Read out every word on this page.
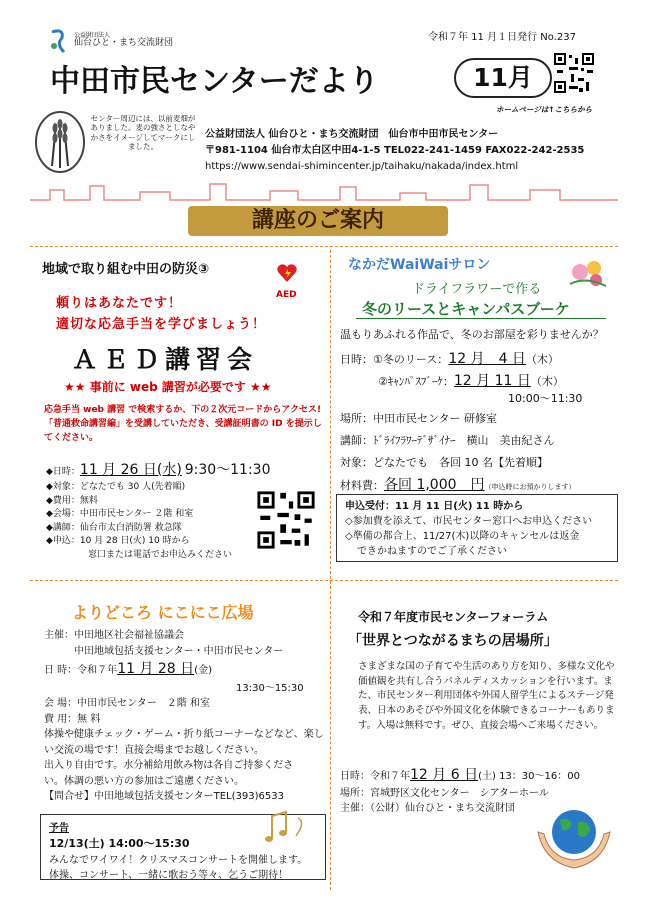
公益財団法人
仙台ひと・まち交流財団
令和７年 11 月１日発行 No.237
中田市民センターだより	11月
ホームページは↑こちらから
センター周辺には、以前麦畑がありました。麦の強さとしなやかさをイメージしてマークにしました。
公益財団法人 仙台ひと・まち交流財団　仙台市中田市民センター
〒981-1104 仙台市太白区中田4-1-5 TEL022-241-1459 FAX022-242-2535
https://www.sendai-shimincenter.jp/taihaku/nakada/index.html
講座のご案内
地域で取り組む中田の防災③
AED
頼りはあなたです！
適切な応急手当を学びましょう！
ＡＥＤ講習会
★★ 事前に web 講習が必要です ★★
応急手当 web 講習 で検索するか、下の２次元コードからアクセス!「普通救命講習編」を受講していただき、受講証明書の ID を提示してください。
◆日時：11 月 26 日(水) 9:30～11:30
◆対象：どなたでも 30 人(先着順)
◆費用：無料
◆会場：中田市民センター ２階 和室
◆講師：仙台市太白消防署 救急隊
◆申込：10 月 28 日(火) 10 時から
窓口または電話でお申込みください
なかだWaiWaiサロン
ドライフラワーで作る
冬のリースとキャンパスブーケ
温もりあふれる作品で、冬のお部屋を彩りませんか？
日時：①冬のリース：12 月　4 日（木）
②ｷｬﾝﾊﾟｽﾌﾞｰｹ：12 月 11 日（木）
10:00～11:30
場所：中田市民センター 研修室
講師：ﾄﾞﾗｲﾌﾗﾜｰﾃﾞｻﾞｲﾅｰ　横山　美由紀さん
対象：どなたでも　各回 10 名【先着順】
材料費：各回 1,000　円（申込時にお預かりします）
申込受付：11 月 11 日(火) 11 時から
◇参加費を添えて、市民センター窓口へお申込ください
◇準備の都合上、11/27(木)以降のキャンセルは返金
できかねますのでご了承ください
よりどころ にこにこ広場
主催：中田地区社会福祉協議会
中田地域包括支援センター・中田市民センター
日 時：令和７年11 月 28 日(金)
13:30～15:30
会 場：中田市民センター　２階 和室
費 用：無 料
体操や健康チェック・ゲーム・折り紙コーナーなどなど、楽し
い交流の場です！直接会場までお越しください。
出入り自由です。水分補給用飲み物は各自ご持参くださ
い。体調の悪い方の参加はご遠慮ください。
【問合せ】中田地域包括支援センターTEL(393)6533
予告
12/13(土) 14:00～15:30
みんなでワイワイ！クリスマスコンサートを開催します。
体操、コンサート、一緒に歌おう等々、乞うご期待！
令和７年度市民センターフォーラム
「世界とつながるまちの居場所」
さまざまな国の子育てや生活のあり方を知り、多様な文化や価値観を共有し合うパネルディスカッションを行います。また、市民センター利用団体や外国人留学生によるステージ発表、日本のあそびや外国文化を体験できるコーナーもあります。入場は無料です。ぜひ、直接会場へご来場ください。
日時：令和７年12 月 6 日(土) 13：30～16：00
場所：宮城野区文化センター　シアターホール
主催：（公財）仙台ひと・まち交流財団
